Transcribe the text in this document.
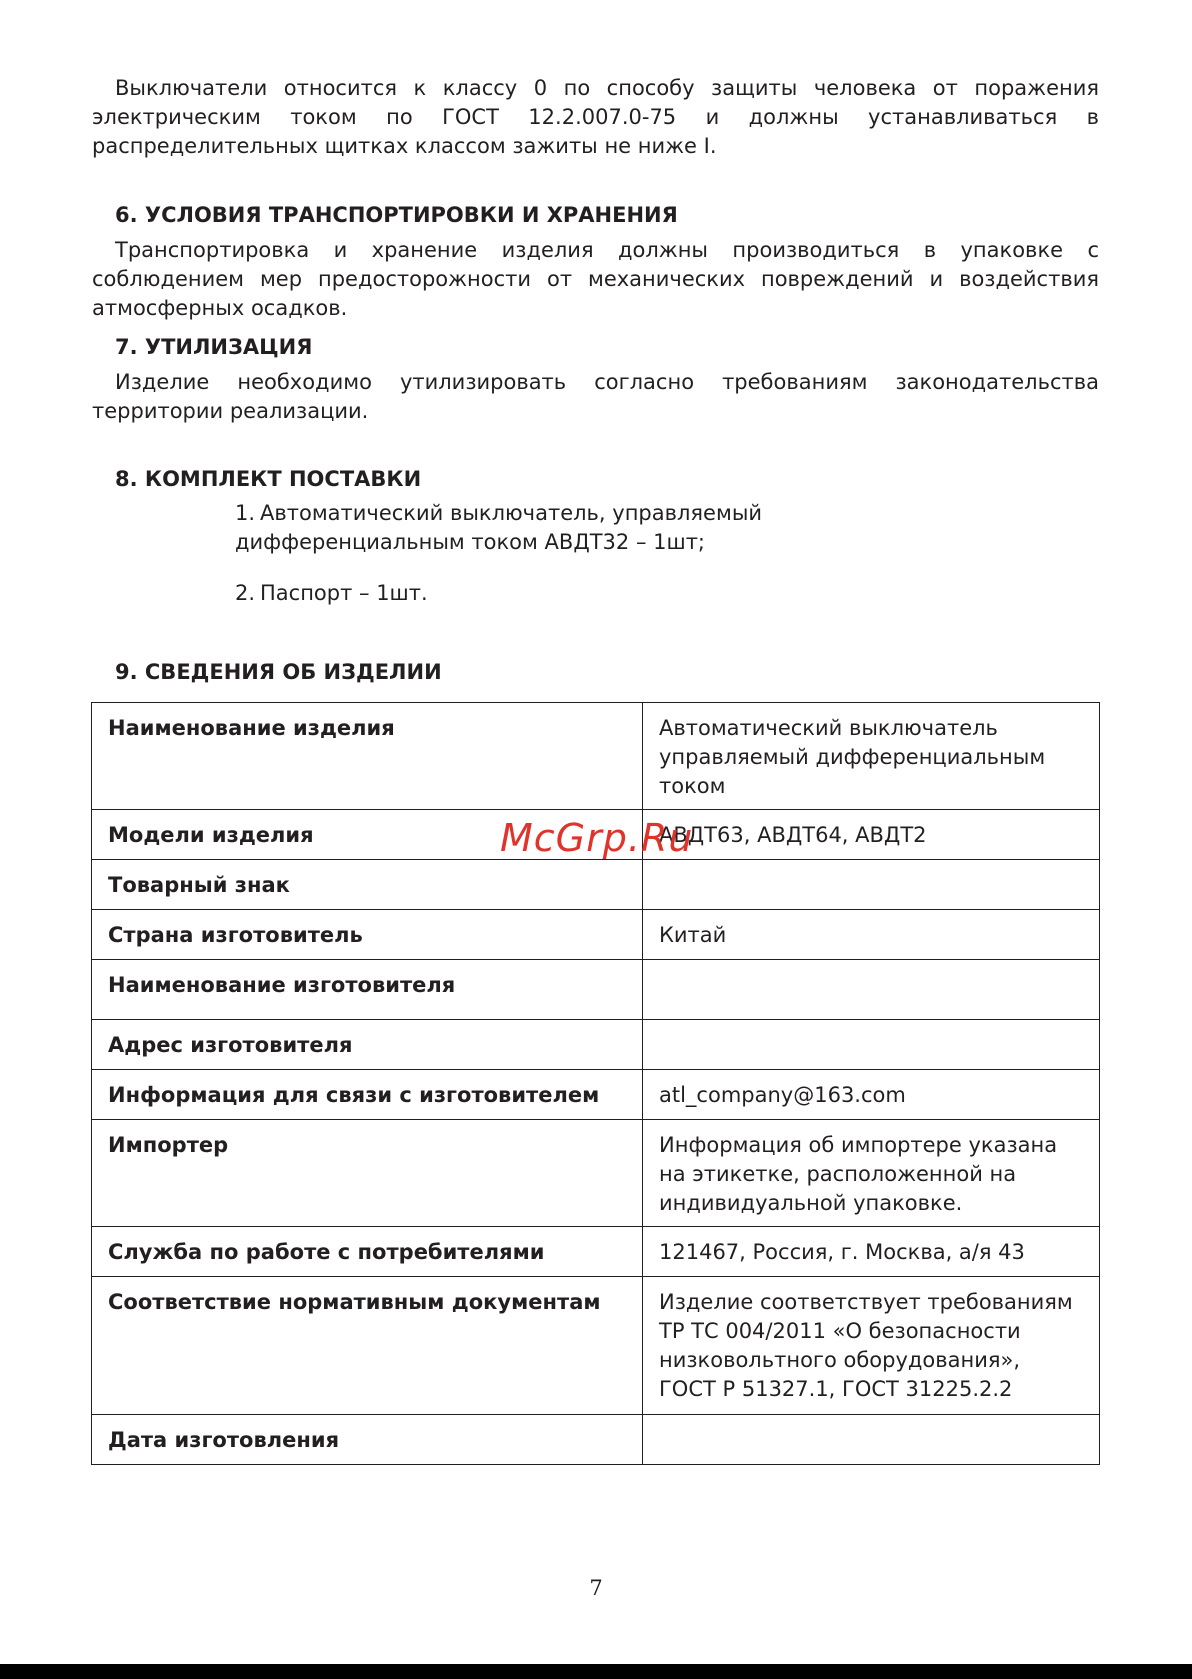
Выключатели относится к классу 0 по способу защиты человека от поражения электрическим током по ГОСТ 12.2.007.0-75 и должны устанавливаться в распределительных щитках классом зажиты не ниже I.

6. УСЛОВИЯ ТРАНСПОРТИРОВКИ И ХРАНЕНИЯ

Транспортировка и хранение изделия должны производиться в упаковке с соблюдением мер предосторожности от механических повреждений и воздействия атмосферных осадков.

7. УТИЛИЗАЦИЯ

Изделие необходимо утилизировать согласно требованиям законодательства территории реализации.

8. КОМПЛЕКТ ПОСТАВКИ
1. Автоматический выключатель, управляемый дифференциальным током АВДТ32 – 1шт;
2. Паспорт – 1шт.
9. СВЕДЕНИЯ ОБ ИЗДЕЛИИ
Наименование изделия	Автоматический выключатель управляемый дифференциальным током
Модели изделия	АВДТ63, АВДТ64, АВДТ2
Товарный знак	
Страна изготовитель	Китай
Наименование изготовителя	
Адрес изготовителя	
Информация для связи с изготовителем	atl_company@163.com
Импортер	Информация об импортере указана на этикетке, расположенной на индивидуальной упаковке.
Служба по работе с потребителями	121467, Россия, г. Москва, а/я 43
Соответствие нормативным документам	Изделие соответствует требованиям ТР ТС 004/2011 «О безопасности низковольтного оборудования», ГОСТ Р 51327.1, ГОСТ 31225.2.2
Дата изготовления	
McGrp.Ru
7
